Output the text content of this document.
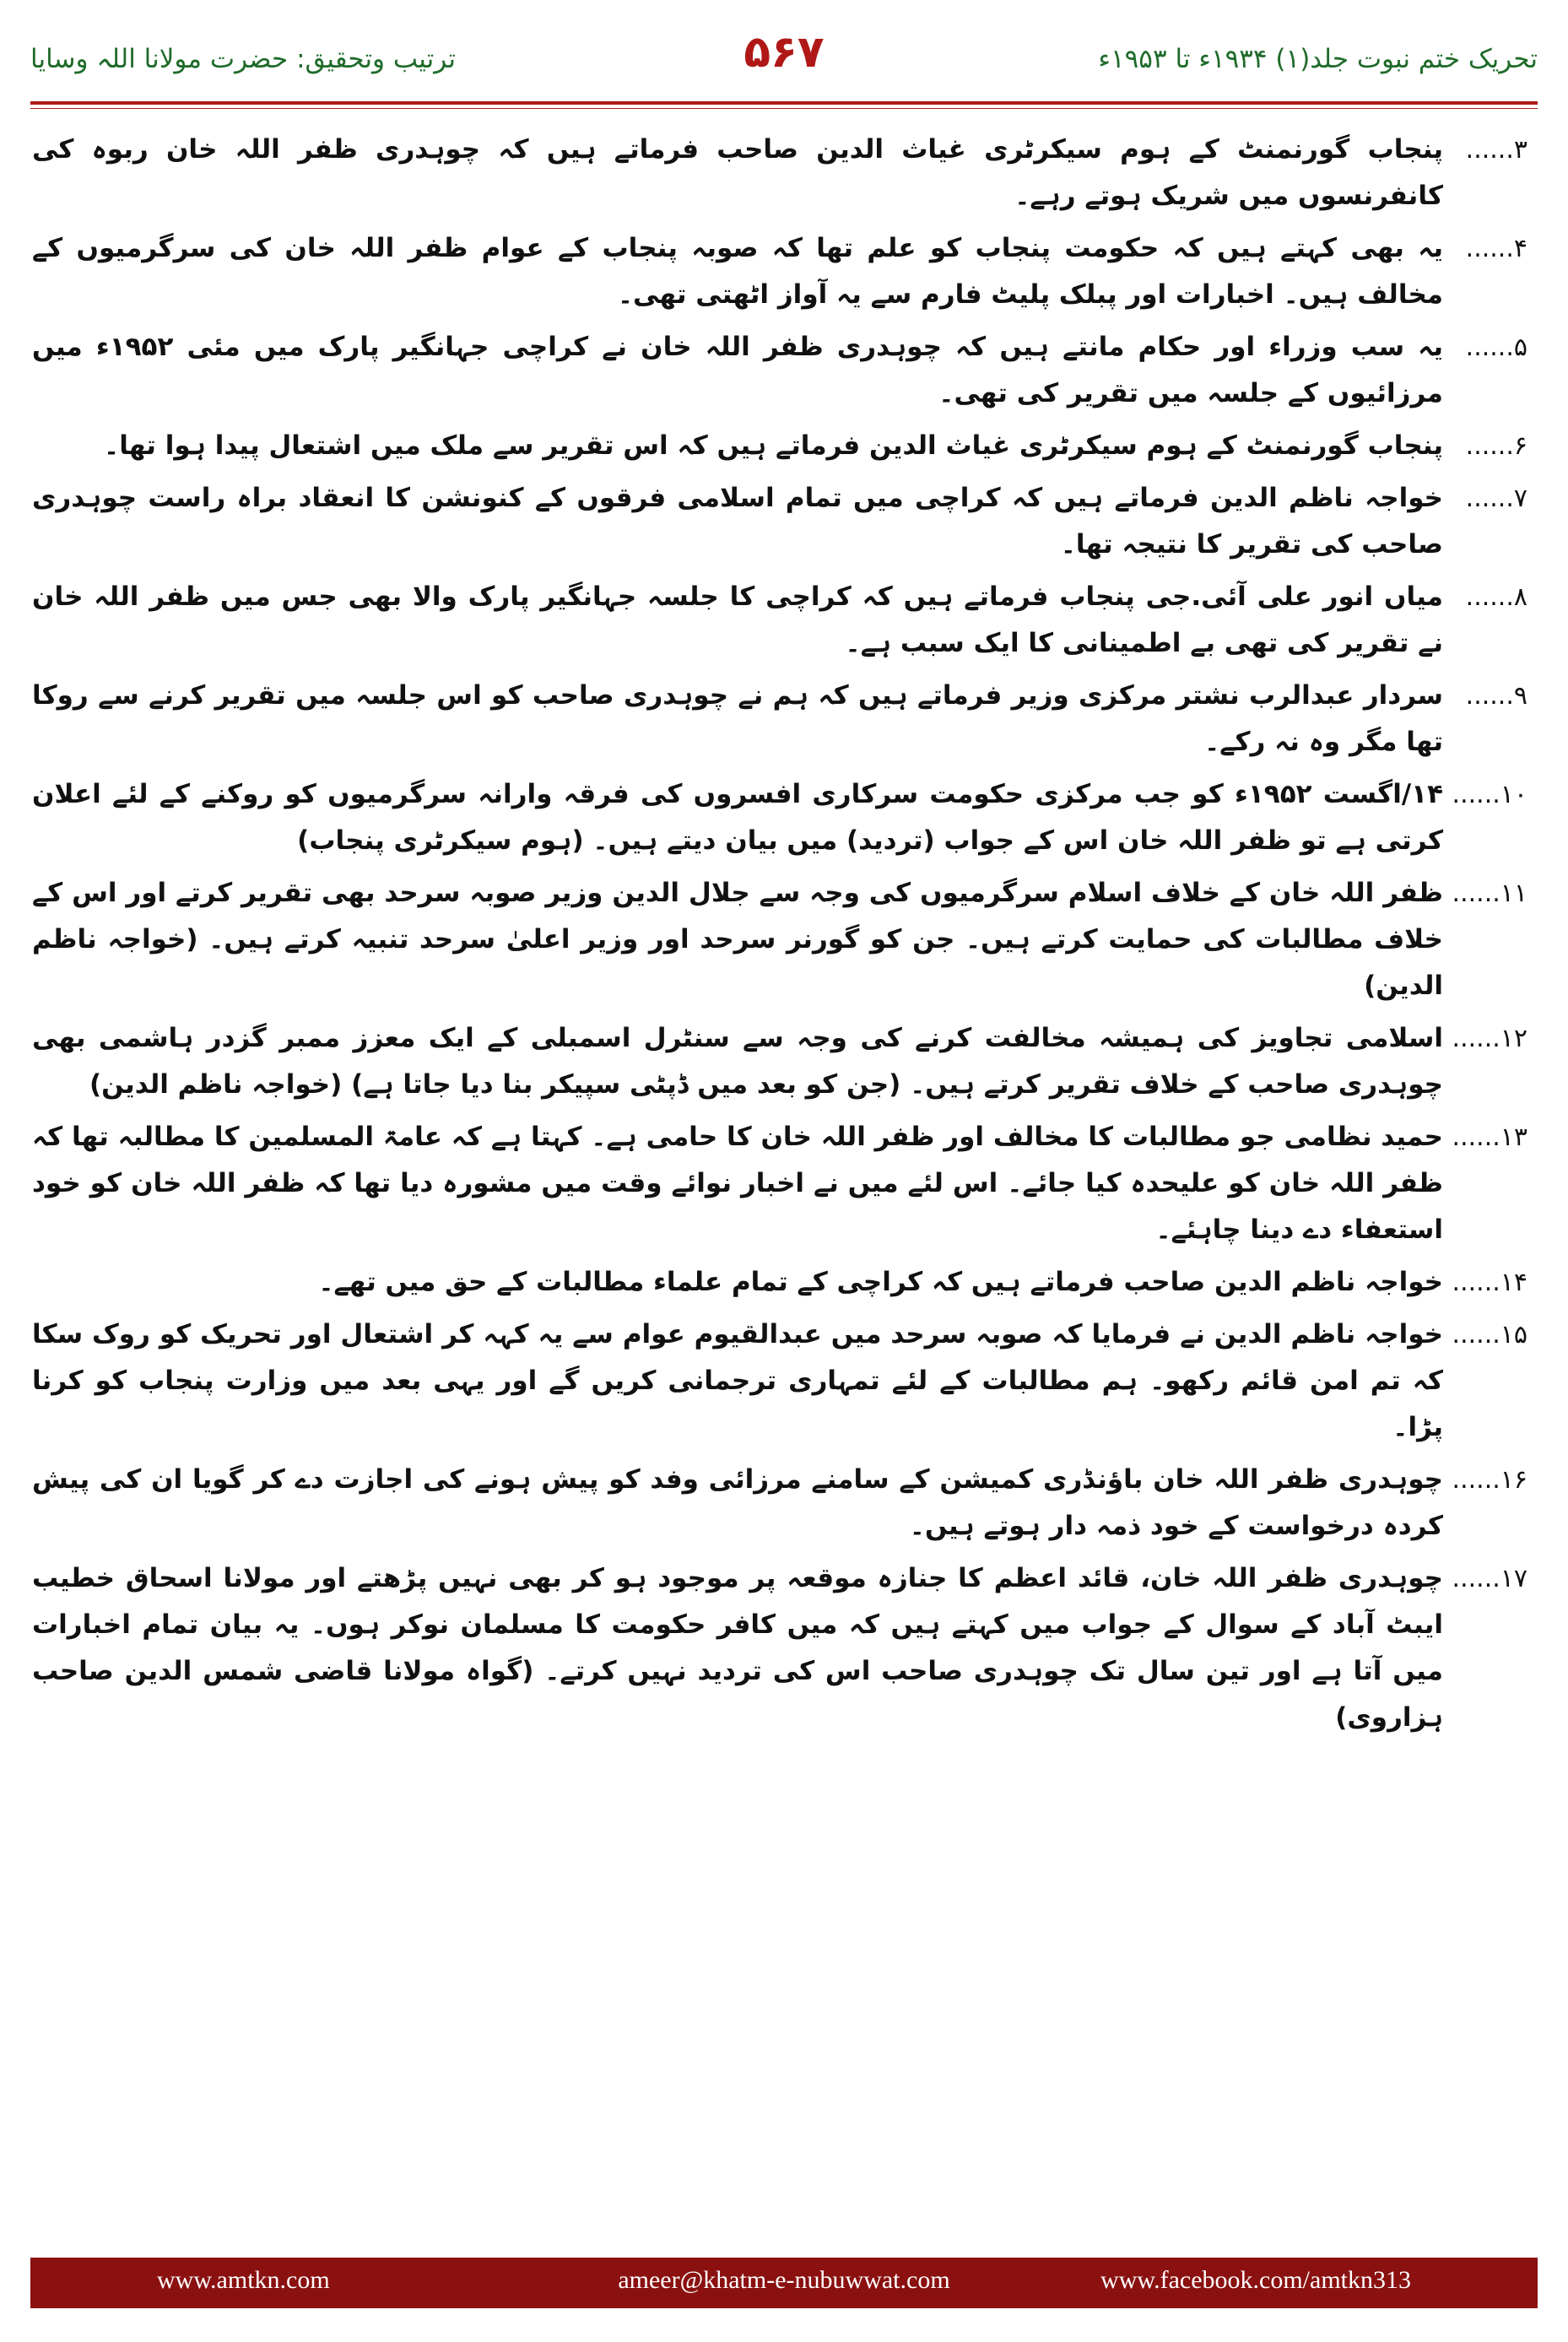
ترتیب وتحقیق: حضرت مولانا اللہ وسایا	۵۶۷	تحریک ختم نبوت جلد(۱) ۱۹۳۴ء تا ۱۹۵۳ء
۳......
پنجاب گورنمنٹ کے ہوم سیکرٹری غیاث الدین صاحب فرماتے ہیں کہ چوہدری ظفر اللہ خان ربوہ کی کانفرنسوں میں شریک ہوتے رہے۔
۴......
یہ بھی کہتے ہیں کہ حکومت پنجاب کو علم تھا کہ صوبہ پنجاب کے عوام ظفر اللہ خان کی سرگرمیوں کے مخالف ہیں۔ اخبارات اور پبلک پلیٹ فارم سے یہ آواز اٹھتی تھی۔
۵......
یہ سب وزراء اور حکام مانتے ہیں کہ چوہدری ظفر اللہ خان نے کراچی جہانگیر پارک میں مئی ۱۹۵۲ء میں مرزائیوں کے جلسہ میں تقریر کی تھی۔
۶......
پنجاب گورنمنٹ کے ہوم سیکرٹری غیاث الدین فرماتے ہیں کہ اس تقریر سے ملک میں اشتعال پیدا ہوا تھا۔
۷......
خواجہ ناظم الدین فرماتے ہیں کہ کراچی میں تمام اسلامی فرقوں کے کنونشن کا انعقاد براہ راست چوہدری صاحب کی تقریر کا نتیجہ تھا۔
۸......
میاں انور علی آئی.جی پنجاب فرماتے ہیں کہ کراچی کا جلسہ جہانگیر پارک والا بھی جس میں ظفر اللہ خان نے تقریر کی تھی بے اطمینانی کا ایک سبب ہے۔
۹......
سردار عبدالرب نشتر مرکزی وزیر فرماتے ہیں کہ ہم نے چوہدری صاحب کو اس جلسہ میں تقریر کرنے سے روکا تھا مگر وہ نہ رکے۔
۱۰......
۱۴/اگست ۱۹۵۲ء کو جب مرکزی حکومت سرکاری افسروں کی فرقہ وارانہ سرگرمیوں کو روکنے کے لئے اعلان کرتی ہے تو ظفر اللہ خان اس کے جواب (تردید) میں بیان دیتے ہیں۔ (ہوم سیکرٹری پنجاب)
۱۱......
ظفر اللہ خان کے خلاف اسلام سرگرمیوں کی وجہ سے جلال الدین وزیر صوبہ سرحد بھی تقریر کرتے اور اس کے خلاف مطالبات کی حمایت کرتے ہیں۔ جن کو گورنر سرحد اور وزیر اعلیٰ سرحد تنبیہ کرتے ہیں۔ (خواجہ ناظم الدین)
۱۲......
اسلامی تجاویز کی ہمیشہ مخالفت کرنے کی وجہ سے سنٹرل اسمبلی کے ایک معزز ممبر گزدر ہاشمی بھی چوہدری صاحب کے خلاف تقریر کرتے ہیں۔ (جن کو بعد میں ڈپٹی سپیکر بنا دیا جاتا ہے) (خواجہ ناظم الدین)
۱۳......
حمید نظامی جو مطالبات کا مخالف اور ظفر اللہ خان کا حامی ہے۔ کہتا ہے کہ عامۃ المسلمین کا مطالبہ تھا کہ ظفر اللہ خان کو علیحدہ کیا جائے۔ اس لئے میں نے اخبار نوائے وقت میں مشورہ دیا تھا کہ ظفر اللہ خان کو خود استعفاء دے دینا چاہئے۔
۱۴......
خواجہ ناظم الدین صاحب فرماتے ہیں کہ کراچی کے تمام علماء مطالبات کے حق میں تھے۔
۱۵......
خواجہ ناظم الدین نے فرمایا کہ صوبہ سرحد میں عبدالقیوم عوام سے یہ کہہ کر اشتعال اور تحریک کو روک سکا کہ تم امن قائم رکھو۔ ہم مطالبات کے لئے تمہاری ترجمانی کریں گے اور یہی بعد میں وزارت پنجاب کو کرنا پڑا۔
۱۶......
چوہدری ظفر اللہ خان باؤنڈری کمیشن کے سامنے مرزائی وفد کو پیش ہونے کی اجازت دے کر گویا ان کی پیش کردہ درخواست کے خود ذمہ دار ہوتے ہیں۔
۱۷......
چوہدری ظفر اللہ خان، قائد اعظم کا جنازہ موقعہ پر موجود ہو کر بھی نہیں پڑھتے اور مولانا اسحاق خطیب ایبٹ آباد کے سوال کے جواب میں کہتے ہیں کہ میں کافر حکومت کا مسلمان نوکر ہوں۔ یہ بیان تمام اخبارات میں آتا ہے اور تین سال تک چوہدری صاحب اس کی تردید نہیں کرتے۔ (گواہ مولانا قاضی شمس الدین صاحب ہزاروی)
www.amtkn.com	ameer@khatm-e-nubuwwat.com	www.facebook.com/amtkn313
